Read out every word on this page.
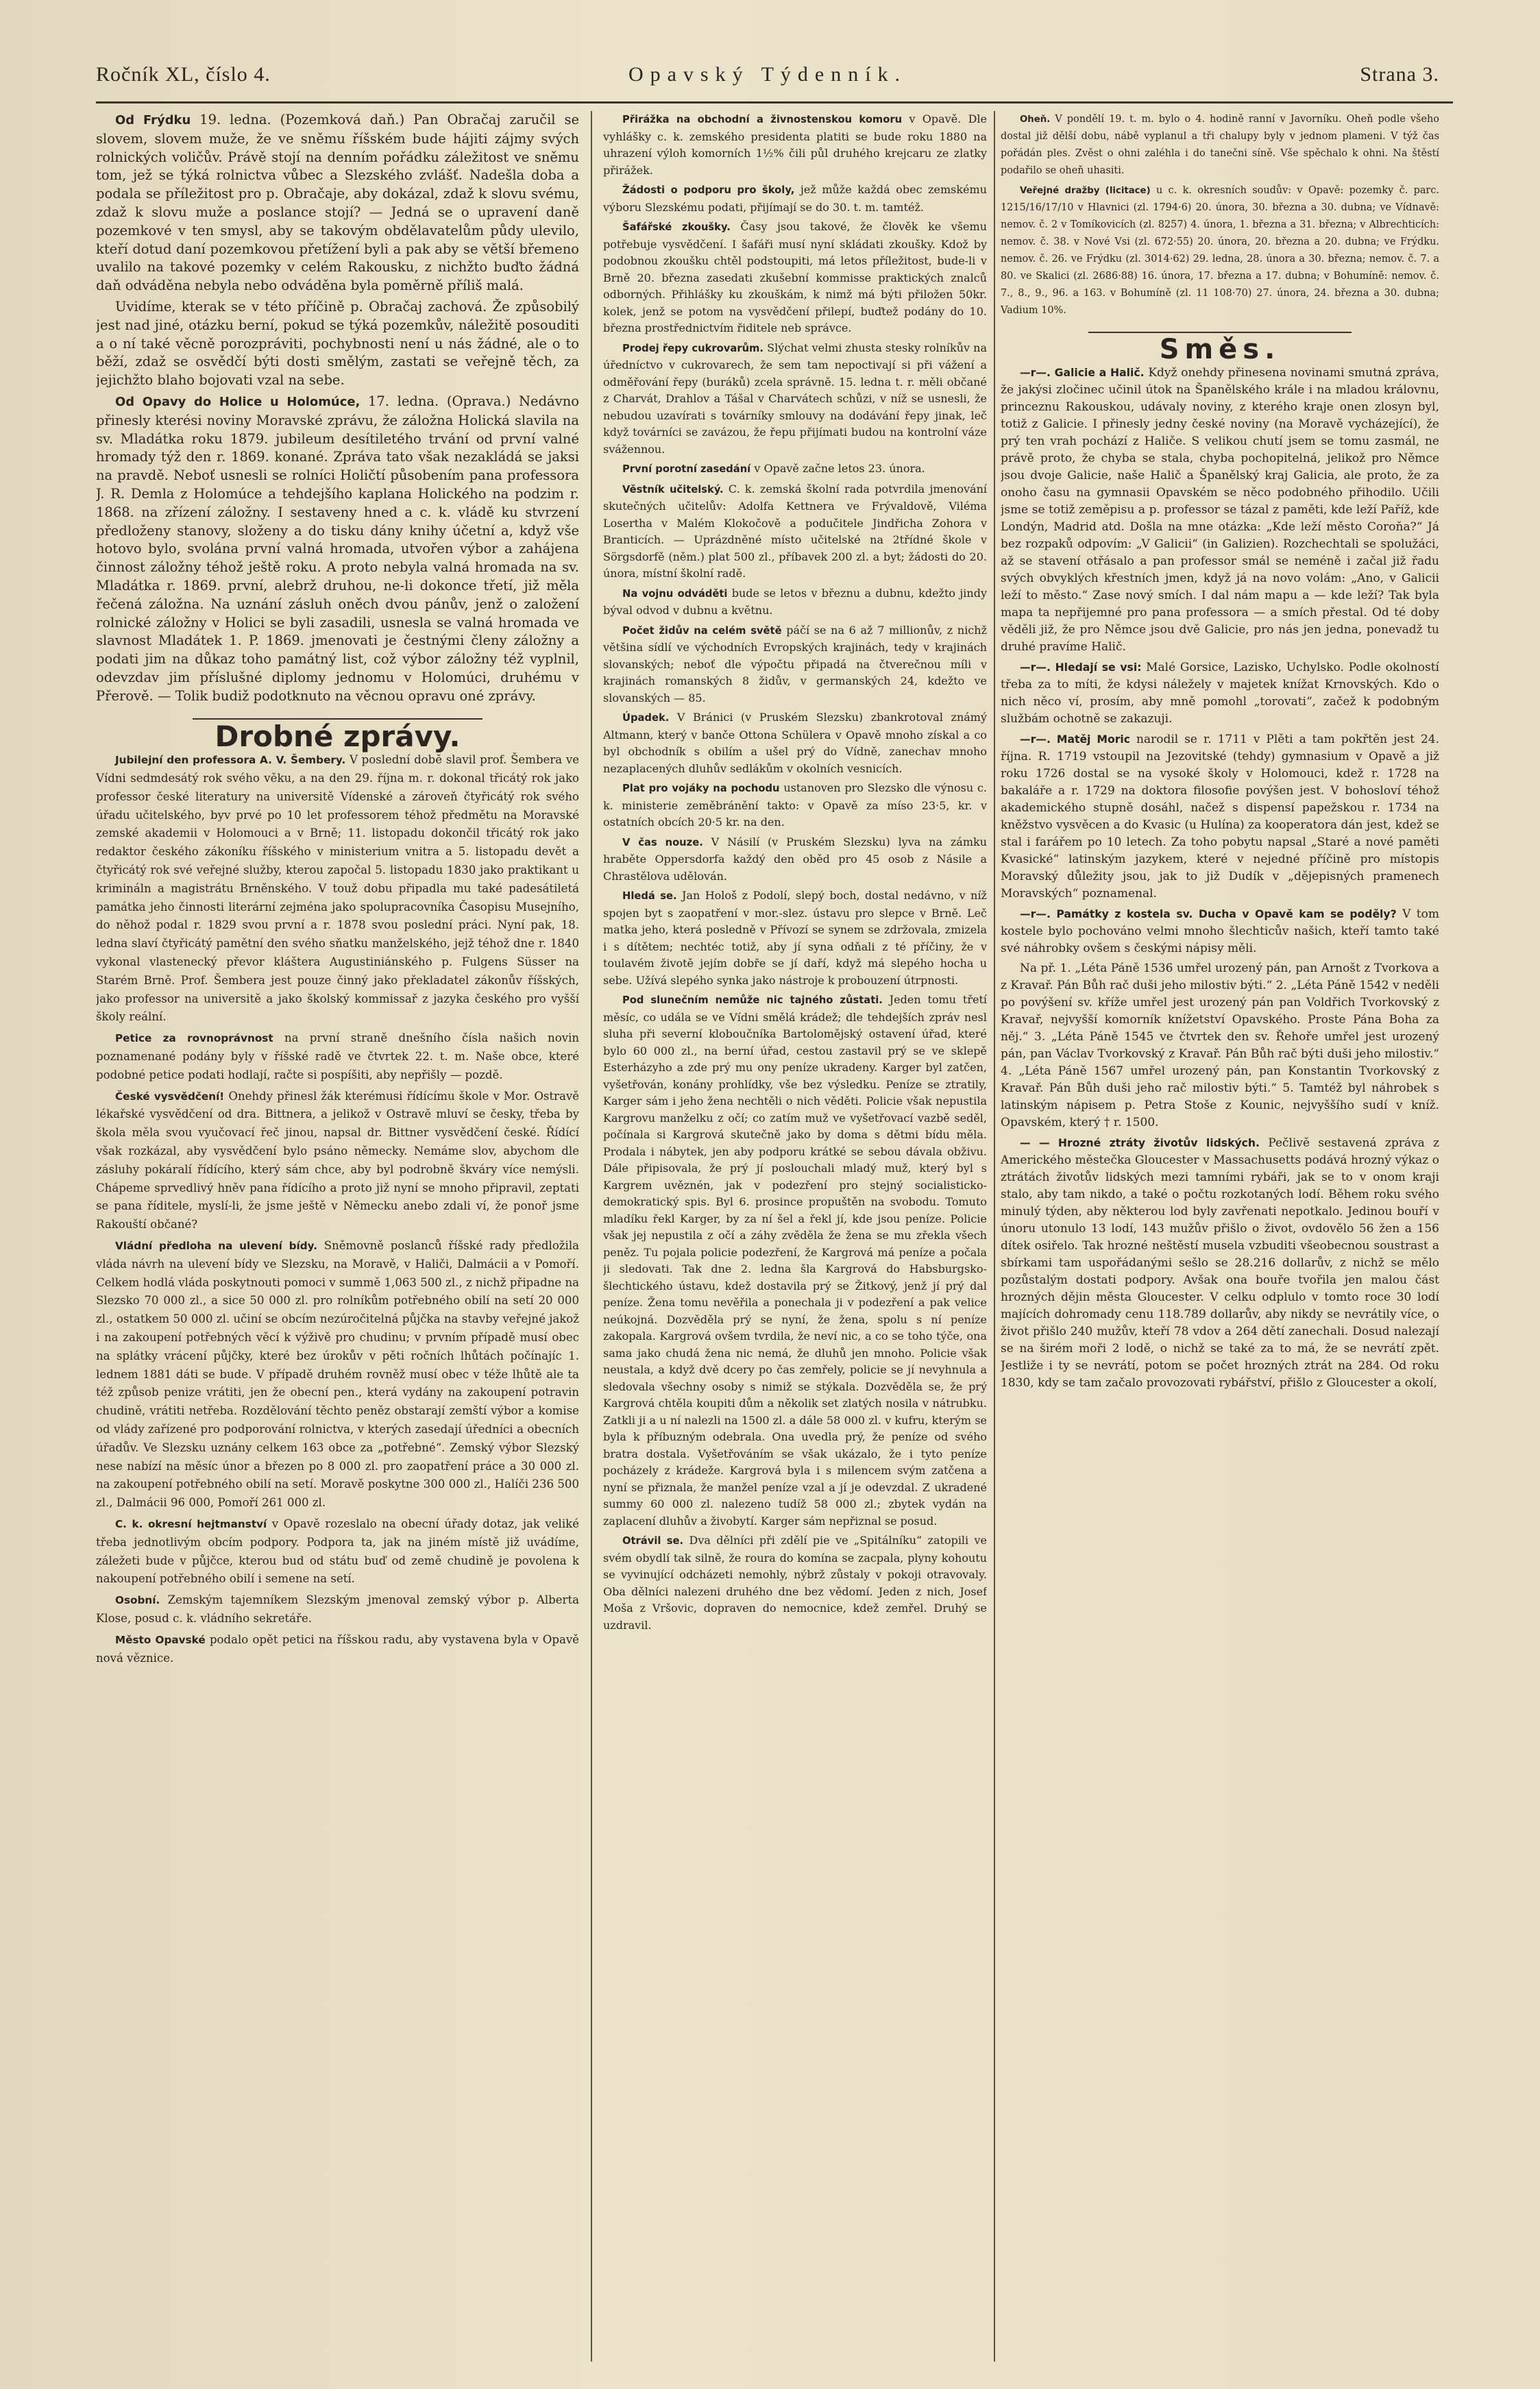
Ročník XL, číslo 4.	Opavský Týdenník.	Strana 3.

Od Frýdku 19. ledna. (Pozemková daň.) Pan Obračaj zaručil se slovem, slovem muže, že ve sněmu říšském bude hájiti zájmy svých rolnických voličův. Právě stojí na denním pořádku záležitost ve sněmu tom, jež se týká rolnictva vůbec a Slezského zvlášť. Nadešla doba a podala se příležitost pro p. Obračaje, aby dokázal, zdaž k slovu svému, zdaž k slovu muže a poslance stojí? — Jedná se o upravení daně pozemkové v ten smysl, aby se takovým obdělavatelům půdy ulevilo, kteří dotud daní pozemkovou přetížení byli a pak aby se větší břemeno uvalilo na takové pozemky v celém Rakousku, z nichžto buďto žádná daň odváděna nebyla nebo odváděna byla poměrně příliš malá.

Uvidíme, kterak se v této příčině p. Obračaj zachová. Že způsobilý jest nad jiné, otázku berní, pokud se týká pozemkův, náležitě posouditi a o ní také věcně porozpráviti, pochybnosti není u nás žádné, ale o to běží, zdaž se osvědčí býti dosti smělým, zastati se veřejně těch, za jejichžto blaho bojovati vzal na sebe.

Od Opavy do Holice u Holomúce, 17. ledna. (Oprava.) Nedávno přinesly kterési noviny Moravské zprávu, že záložna Holická slavila na sv. Mladátka roku 1879. jubileum desítiletého trvání od první valné hromady týž den r. 1869. konané. Zpráva tato však nezakládá se jaksi na pravdě. Neboť usnesli se rolníci Holičtí působením pana professora J. R. Demla z Holomúce a tehdejšího kaplana Holického na podzim r. 1868. na zřízení záložny. I sestaveny hned a c. k. vládě ku stvrzení předloženy stanovy, složeny a do tisku dány knihy účetní a, když vše hotovo bylo, svolána první valná hromada, utvořen výbor a zahájena činnost záložny téhož ještě roku. A proto nebyla valná hromada na sv. Mladátka r. 1869. první, alebrž druhou, ne-li dokonce třetí, již měla řečená záložna. Na uznání zásluh oněch dvou pánův, jenž o založení rolnické záložny v Holici se byli zasadili, usnesla se valná hromada ve slavnost Mladátek 1. P. 1869. jmenovati je čestnými členy záložny a podati jim na důkaz toho památný list, což výbor záložny též vyplnil, odevzdav jim příslušné diplomy jednomu v Holomúci, druhému v Přerově. — Tolik budiž podotknuto na věcnou opravu oné zprávy.

Drobné zprávy.

Jubilejní den professora A. V. Šembery. V poslední době slavil prof. Šembera ve Vídni sedmdesátý rok svého věku, a na den 29. října m. r. dokonal třicátý rok jako professor české literatury na universitě Vídenské a zároveň čtyřicátý rok svého úřadu učitelského, byv prvé po 10 let professorem téhož předmětu na Moravské zemské akademii v Holomouci a v Brně; 11. listopadu dokončil třicátý rok jako redaktor českého zákoníku říšského v ministerium vnitra a 5. listopadu devět a čtyřicátý rok své veřejné služby, kterou započal 5. listopadu 1830 jako praktikant u krimináln a magistrátu Brněnského. V touž dobu připadla mu také padesátiletá památka jeho činnosti literární zejména jako spolupracovníka Časopisu Musejního, do něhož podal r. 1829 svou první a r. 1878 svou poslední práci. Nyní pak, 18. ledna slaví čtyřicátý pamětní den svého sňatku manželského, jejž téhož dne r. 1840 vykonal vlastenecký převor kláštera Augustiniánského p. Fulgens Süsser na Starém Brně. Prof. Šembera jest pouze činný jako překladatel zákonův říšských, jako professor na universitě a jako školský kommissař z jazyka českého pro vyšší školy reální.

Petice za rovnoprávnost na první straně dnešního čísla našich novin poznamenané podány byly v říšské radě ve čtvrtek 22. t. m. Naše obce, které podobné petice podati hodlají, račte si pospíšiti, aby nepřišly — pozdě.

České vysvědčení! Onehdy přinesl žák kterémusi řídícímu škole v Mor. Ostravě lékařské vysvědčení od dra. Bittnera, a jelikož v Ostravě mluví se česky, třeba by škola měla svou vyučovací řeč jinou, napsal dr. Bittner vysvědčení české. Řídící však rozkázal, aby vysvědčení bylo psáno německy. Nemáme slov, abychom dle zásluhy pokáralí řídícího, který sám chce, aby byl podrobně škváry více nemýsli. Chápeme sprvedlivý hněv pana řídícího a proto již nyní se mnoho připravil, zeptati se pana říditele, myslí-li, že jsme ještě v Německu anebo zdali ví, že ponoř jsme Rakouští občané?

Vládní předloha na ulevení bídy. Sněmovně poslanců říšské rady předložila vláda návrh na ulevení bídy ve Slezsku, na Moravě, v Haliči, Dalmácii a v Pomoří. Celkem hodlá vláda poskytnouti pomoci v summě 1,063 500 zl., z nichž připadne na Slezsko 70 000 zl., a sice 50 000 zl. pro rolníkům potřebného obilí na setí 20 000 zl., ostatkem 50 000 zl. učiní se obcím nezúročitelná půjčka na stavby veřejné jakož i na zakoupení potřebných věcí k výživě pro chudinu; v prvním případě musí obec na splátky vrácení půjčky, které bez úrokův v pěti ročních lhůtách počínajíc 1. lednem 1881 dáti se bude. V případě druhém rovněž musí obec v téže lhůtě ale ta též způsob penize vrátiti, jen že obecní pen., která vydány na zakoupení potravin chudině, vrátiti netřeba. Rozdělování těchto peněz obstarají zemští výbor a komise od vlády zařízené pro podporování rolnictva, v kterých zasedají úředníci a obecních úřadův. Ve Slezsku uznány celkem 163 obce za „potřebné“. Zemský výbor Slezský nese nabízí na měsíc únor a březen po 8 000 zl. pro zaopatření práce a 30 000 zl. na zakoupení potřebného obilí na setí. Moravě poskytne 300 000 zl., Halíči 236 500 zl., Dalmácii 96 000, Pomoří 261 000 zl.

C. k. okresní hejtmanství v Opavě rozeslalo na obecní úřady dotaz, jak veliké třeba jednotlivým obcím podpory. Podpora ta, jak na jiném místě již uvádíme, záležeti bude v půjčce, kterou bud od státu buď od země chudině je povolena k nakoupení potřebného obilí i semene na setí.

Osobní. Zemským tajemníkem Slezským jmenoval zemský výbor p. Alberta Klose, posud c. k. vládního sekretáře.

Město Opavské podalo opět petici na říšskou radu, aby vystavena byla v Opavě nová věznice.

Přirážka na obchodní a živnostenskou komoru v Opavě. Dle vyhlášky c. k. zemského presidenta platiti se bude roku 1880 na uhrazení výloh komorních 1½% čili půl druhého krejcaru ze zlatky přirážek.

Žádosti o podporu pro školy, jež může každá obec zemskému výboru Slezskému podati, přijímají se do 30. t. m. tamtéž.

Šafářské zkoušky. Časy jsou takové, že člověk ke všemu potřebuje vysvědčení. I šafáři musí nyní skládati zkoušky. Kdož by podobnou zkoušku chtěl podstoupiti, má letos příležitost, bude-li v Brně 20. března zasedati zkušební kommisse praktických znalců odborných. Přihlášky ku zkouškám, k nimž má býti přiložen 50kr. kolek, jenž se potom na vysvědčení přilepí, buďtež podány do 10. března prostřednictvím řiditele neb správce.

Prodej řepy cukrovarům. Slýchat velmi zhusta stesky rolníkův na úředníctvo v cukrovarech, že sem tam nepoctivají si při vážení a odměřování řepy (buráků) zcela správně. 15. ledna t. r. měli občané z Charvát, Drahlov a Tášal v Charvátech schůzi, v níž se usnesli, že nebudou uzavírati s továrníky smlouvy na dodávání řepy jinak, leč když továrníci se zavázou, že řepu přijímati budou na kontrolní váze svážennou.

První porotní zasedání v Opavě začne letos 23. února.

Věstník učitelský. C. k. zemská školní rada potvrdila jmenování skutečných učitelův: Adolfa Kettnera ve Frývaldově, Viléma Losertha v Malém Klokočově a podučitele Jindřicha Zohora v Branticích. — Uprázdněné místo učitelské na 2třídné škole v Sörgsdorfě (něm.) plat 500 zl., příbavek 200 zl. a byt; žádosti do 20. února, místní školní radě.

Na vojnu odváděti bude se letos v březnu a dubnu, kdežto jindy býval odvod v dubnu a květnu.

Počet židův na celém světě páčí se na 6 až 7 millionův, z nichž většina sídlí ve východních Evropských krajinách, tedy v krajinách slovanských; neboť dle výpočtu připadá na čtverečnou míli v krajinách romanských 8 židův, v germanských 24, kdežto ve slovanských — 85.

Úpadek. V Bránici (v Pruském Slezsku) zbankrotoval známý Altmann, který v banče Ottona Schülera v Opavě mnoho získal a co byl obchodník s obilím a ušel prý do Vídně, zanechav mnoho nezaplacených dluhův sedlákům v okolních vesnicích.

Plat pro vojáky na pochodu ustanoven pro Slezsko dle výnosu c. k. ministerie zeměbránění takto: v Opavě za míso 23·5, kr. v ostatních obcích 20·5 kr. na den.

V čas nouze. V Násilí (v Pruském Slezsku) lyva na zámku hraběte Oppersdorfa každý den oběd pro 45 osob z Násile a Chrastělova udělován.

Hledá se. Jan Hološ z Podolí, slepý boch, dostal nedávno, v níž spojen byt s zaopatření v mor.-slez. ústavu pro slepce v Brně. Leč matka jeho, která posledně v Přívozí se synem se zdržovala, zmizela i s dítětem; nechtéc totiž, aby jí syna odňali z té příčiny, že v toulavém životě jejím dobře se jí daří, když má slepého hocha u sebe. Užívá slepého synka jako nástroje k probouzení útrpnosti.

Pod slunečním nemůže nic tajného zůstati. Jeden tomu třetí měsíc, co udála se ve Vídni smělá krádež; dle tehdejších zpráv nesl sluha při severní kloboučníka Bartolomějský ostavení úřad, které bylo 60 000 zl., na berní úřad, cestou zastavil prý se ve sklepě Esterházyho a zde prý mu ony peníze ukradeny. Karger byl zatčen, vyšetřován, konány prohlídky, vše bez výsledku. Peníze se ztratily, Karger sám i jeho žena nechtěli o nich věděti. Policie však nepustila Kargrovu manželku z očí; co zatím muž ve vyšetřovací vazbě seděl, počínala si Kargrová skutečně jako by doma s dětmi bídu měla. Prodala i nábytek, jen aby podporu krátké se sebou dávala obživu. Dále připisovala, že prý jí poslouchali mladý muž, který byl s Kargrem uvěznén, jak v podezření pro stejný socialisticko-demokratický spis. Byl 6. prosince propuštěn na svobodu. Tomuto mladíku řekl Karger, by za ní šel a řekl jí, kde jsou peníze. Policie však jej nepustila z očí a záhy zvěděla že žena se mu zřekla všech peněz. Tu pojala policie podezření, že Kargrová má peníze a počala ji sledovati. Tak dne 2. ledna šla Kargrová do Habsburgsko-šlechtického ústavu, kdež dostavila prý se Žitkový, jenž jí prý dal peníze. Žena tomu nevěřila a ponechala ji v podezření a pak velice neúkojná. Dozvěděla prý se nyní, že žena, spolu s ní peníze zakopala. Kargrová ovšem tvrdila, že neví nic, a co se toho týče, ona sama jako chudá žena nic nemá, že dluhů jen mnoho. Policie však neustala, a když dvě dcery po čas zemřely, policie se jí nevyhnula a sledovala všechny osoby s nimiž se stýkala. Dozvěděla se, že prý Kargrová chtěla koupiti dům a několik set zlatých nosila v nátrubku. Zatkli ji a u ní nalezli na 1500 zl. a dále 58 000 zl. v kufru, kterým se byla k příbuzným odebrala. Ona uvedla prý, že peníze od svého bratra dostala. Vyšetřováním se však ukázalo, že i tyto peníze pocházely z krádeže. Kargrová byla i s milencem svým zatčena a nyní se přiznala, že manžel peníze vzal a jí je odevzdal. Z ukradené summy 60 000 zl. nalezeno tudíž 58 000 zl.; zbytek vydán na zaplacení dluhův a živobytí. Karger sám nepřiznal se posud.

Otrávil se. Dva dělníci při zdělí pie ve „Spitálníku“ zatopili ve svém obydlí tak silně, že roura do komína se zacpala, plyny kohoutu se vyvinující odcházeti nemohly, nýbrž zůstaly v pokoji otravovaly. Oba dělníci nalezeni druhého dne bez vědomí. Jeden z nich, Josef Moša z Vršovic, dopraven do nemocnice, kdež zemřel. Druhý se uzdravil.

Oheň. V pondělí 19. t. m. bylo o 4. hodině ranní v Javorníku. Oheň podle všeho dostal již dělší dobu, nábě vyplanul a tři chalupy byly v jednom plameni. V týž čas pořádán ples. Zvěst o ohni zaléhla i do tanečni síně. Vše spěchalo k ohni. Na štěstí podařilo se oheň uhasiti.

Veřejné dražby (licitace) u c. k. okresních soudův: v Opavě: pozemky č. parc. 1215/16/17/10 v Hlavnici (zl. 1794·6) 20. února, 30. března a 30. dubna; ve Vídnavě: nemov. č. 2 v Tomíkovicích (zl. 8257) 4. února, 1. března a 31. března; v Albrechticích: nemov. č. 38. v Nové Vsi (zl. 672·55) 20. února, 20. března a 20. dubna; ve Frýdku. nemov. č. 26. ve Frýdku (zl. 3014·62) 29. ledna, 28. února a 30. března; nemov. č. 7. a 80. ve Skalici (zl. 2686·88) 16. února, 17. března a 17. dubna; v Bohumíně: nemov. č. 7., 8., 9., 96. a 163. v Bohumíně (zl. 11 108·70) 27. února, 24. března a 30. dubna; Vadium 10%.

Směs.

—r—. Galicie a Halič. Když onehdy přinesena novinami smutná zpráva, že jakýsi zločinec učinil útok na Španělského krále i na mladou královnu, princeznu Rakouskou, udávaly noviny, z kterého kraje onen zlosyn byl, totiž z Galicie. I přinesly jedny české noviny (na Moravě vycházející), že prý ten vrah pochází z Haliče. S velikou chutí jsem se tomu zasmál, ne právě proto, že chyba se stala, chyba pochopitelná, jelikož pro Němce jsou dvoje Galicie, naše Halič a Španělský kraj Galicia, ale proto, že za onoho času na gymnasii Opavském se něco podobného přihodilo. Učili jsme se totiž zeměpisu a p. professor se tázal z paměti, kde leží Paříž, kde Londýn, Madrid atd. Došla na mne otázka: „Kde leží město Coroňa?“ Já bez rozpaků odpovím: „V Galicii“ (in Galizien). Rozchechtali se spolužáci, až se stavení otřásalo a pan professor smál se neméně i začal již řadu svých obvyklých křestních jmen, když já na novo volám: „Ano, v Galicii leží to město.“ Zase nový smích. I dal nám mapu a — kde leží? Tak byla mapa ta nepřijemné pro pana professora — a smích přestal. Od té doby věděli již, že pro Němce jsou dvě Galicie, pro nás jen jedna, ponevadž tu druhé pravíme Halič.

—r—. Hledají se vsi: Malé Gorsice, Lazisko, Uchylsko. Podle okolností třeba za to míti, že kdysi náležely v majetek knížat Krnovských. Kdo o nich něco ví, prosím, aby mně pomohl „torovati“, začež k podobným službám ochotně se zakazuji.

—r—. Matěj Moric narodil se r. 1711 v Plěti a tam pokřtěn jest 24. října. R. 1719 vstoupil na Jezovitské (tehdy) gymnasium v Opavě a již roku 1726 dostal se na vysoké školy v Holomouci, kdež r. 1728 na bakaláře a r. 1729 na doktora filosofie povýšen jest. V bohosloví téhož akademického stupně dosáhl, načež s dispensí papežskou r. 1734 na kněžstvo vysvěcen a do Kvasic (u Hulína) za kooperatora dán jest, kdež se stal i farářem po 10 letech. Za toho pobytu napsal „Staré a nové paměti Kvasické“ latinským jazykem, které v nejedné příčině pro místopis Moravský důležity jsou, jak to již Dudík v „dějepisných pramenech Moravských“ poznamenal.

—r—. Památky z kostela sv. Ducha v Opavě kam se poděly? V tom kostele bylo pochováno velmi mnoho šlechticův našich, kteří tamto také své náhrobky ovšem s českými nápisy měli.

Na př. 1. „Léta Páně 1536 umřel urozený pán, pan Arnošt z Tvorkova a z Kravař. Pán Bůh rač duši jeho milostiv býti.“ 2. „Léta Páně 1542 v neděli po povýšení sv. kříže umřel jest urozený pán pan Voldřich Tvorkovský z Kravař, nejvyšší komorník knížetství Opavského. Proste Pána Boha za něj.“ 3. „Léta Páně 1545 ve čtvrtek den sv. Řehoře umřel jest urozený pán, pan Václav Tvorkovský z Kravař. Pán Bůh rač býti duši jeho milostiv.“ 4. „Léta Páně 1567 umřel urozený pán, pan Konstantin Tvorkovský z Kravař. Pán Bůh duši jeho rač milostiv býti.“ 5. Tamtéž byl náhrobek s latinským nápisem p. Petra Stoše z Kounic, nejvyššího sudí v kníž. Opavském, který † r. 1500.

— — Hrozné ztráty životův lidských. Pečlivě sestavená zpráva z Amerického městečka Gloucester v Massachusetts podává hrozný výkaz o ztrátách životův lidských mezi tamními rybáři, jak se to v onom kraji stalo, aby tam nikdo, a také o počtu rozkotaných lodí. Během roku svého minulý týden, aby některou lod byly zavřenati nepotkalo. Jedinou bouří v únoru utonulo 13 lodí, 143 mužův přišlo o život, ovdovělo 56 žen a 156 dítek osiřelo. Tak hrozné neštěstí musela vzbuditi všeobecnou soustrast a sbírkami tam uspořádanými sešlo se 28.216 dollarův, z nichž se mělo pozůstalým dostati podpory. Avšak ona bouře tvořila jen malou část hrozných dějin města Gloucester. V celku odplulo v tomto roce 30 lodí majících dohromady cenu 118.789 dollarův, aby nikdy se nevrátily více, o život přišlo 240 mužův, kteří 78 vdov a 264 dětí zanechali. Dosud nalezají se na širém moři 2 lodě, o nichž se také za to má, že se nevrátí zpět. Jestliže i ty se nevrátí, potom se počet hrozných ztrát na 284. Od roku 1830, kdy se tam začalo provozovati rybářství, přišlo z Gloucester a okolí,
